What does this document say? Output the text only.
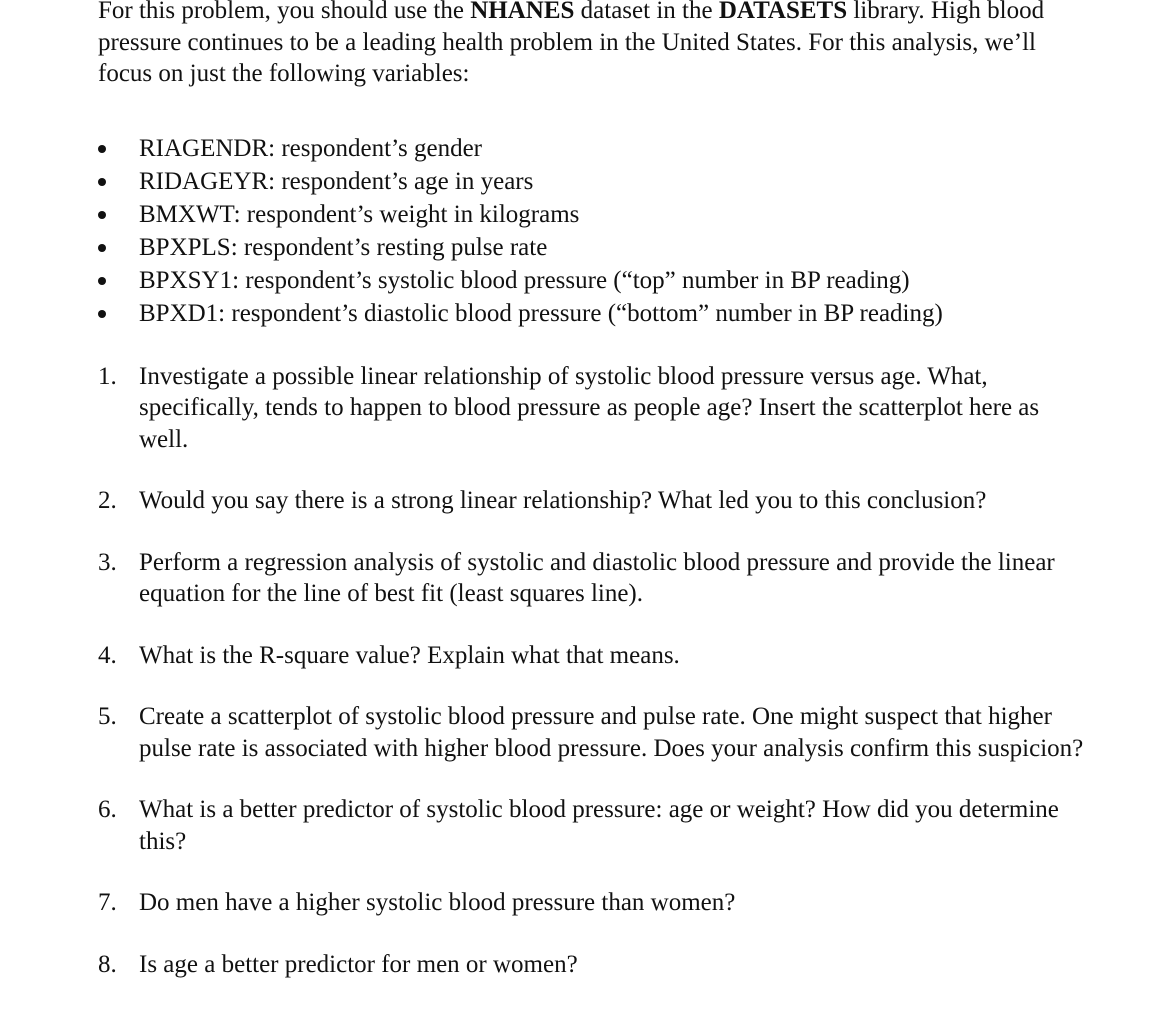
For this problem, you should use the NHANES dataset in the DATASETS library. High blood pressure continues to be a leading health problem in the United States. For this analysis, we’ll focus on just the following variables:

RIAGENDR: respondent’s gender
RIDAGEYR: respondent’s age in years
BMXWT: respondent’s weight in kilograms
BPXPLS: respondent’s resting pulse rate
BPXSY1: respondent’s systolic blood pressure (“top” number in BP reading)
BPXD1: respondent’s diastolic blood pressure (“bottom” number in BP reading)
1. Investigate a possible linear relationship of systolic blood pressure versus age. What, specifically, tends to happen to blood pressure as people age? Insert the scatterplot here as well.
2. Would you say there is a strong linear relationship? What led you to this conclusion?
3. Perform a regression analysis of systolic and diastolic blood pressure and provide the linear equation for the line of best fit (least squares line).
4. What is the R-square value? Explain what that means.
5. Create a scatterplot of systolic blood pressure and pulse rate. One might suspect that higher pulse rate is associated with higher blood pressure. Does your analysis confirm this suspicion?
6. What is a better predictor of systolic blood pressure: age or weight? How did you determine this?
7. Do men have a higher systolic blood pressure than women?
8. Is age a better predictor for men or women?
